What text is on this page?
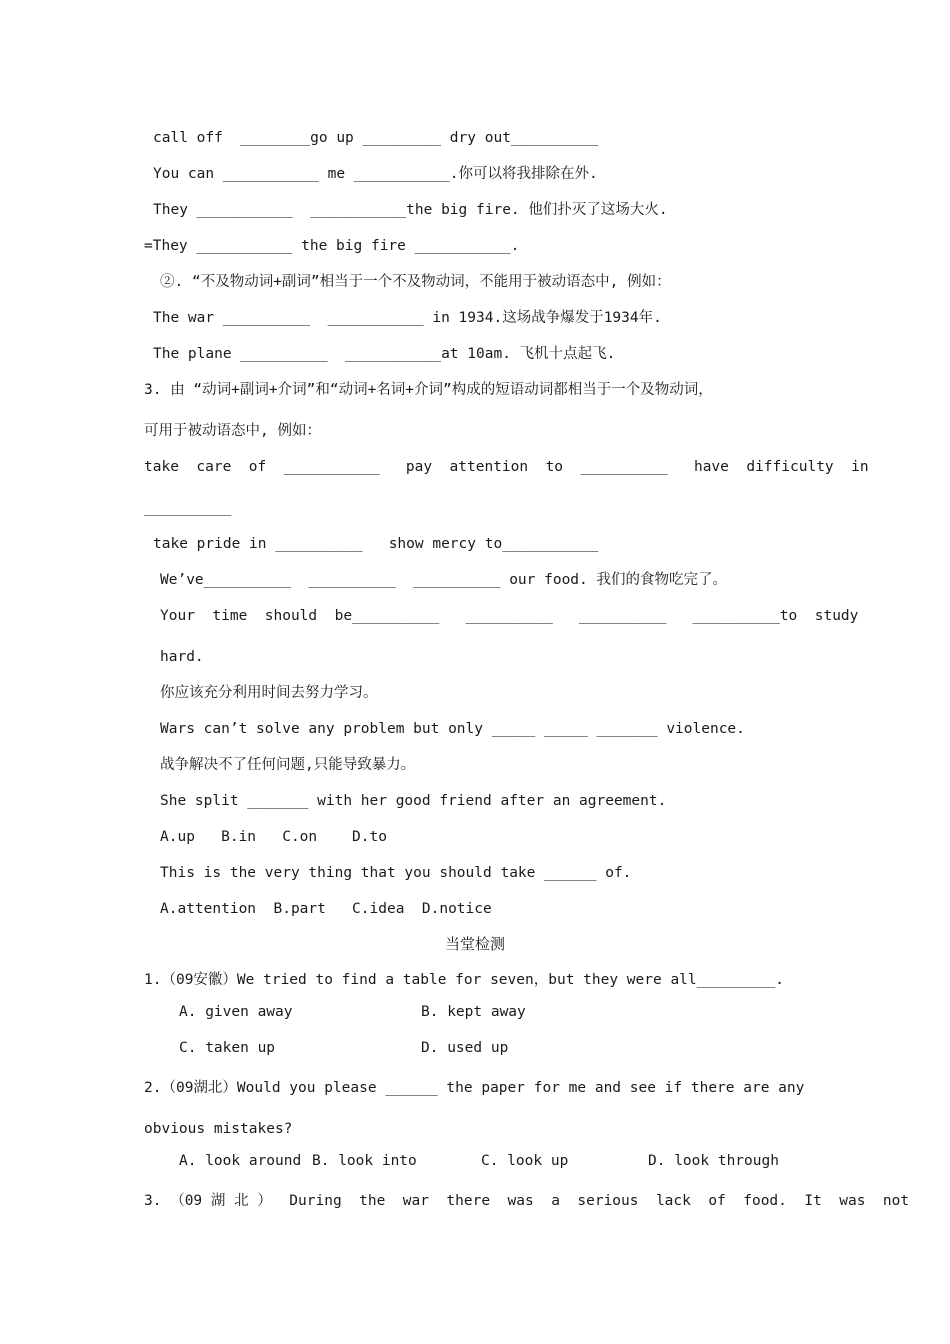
call off  ________go up _________ dry out__________
You can ___________ me ___________.你可以将我排除在外.
They ___________  ___________the big fire. 他们扑灭了这场大火.
=They ___________ the big fire ___________.
②. “不及物动词+副词”相当于一个不及物动词，不能用于被动语态中, 例如：
The war __________  ___________ in 1934.这场战争爆发于1934年.
The plane __________  ___________at 10am. 飞机十点起飞.
3. 由 “动词+副词+介词”和“动词+名词+介词”构成的短语动词都相当于一个及物动词，
可用于被动语态中, 例如：
take  care  of  ___________   pay  attention  to  __________   have  difficulty  in
__________
take pride in __________   show mercy to___________
We’ve__________  __________  __________ our food. 我们的食物吃完了。
Your  time  should  be__________   __________   __________   __________to  study
hard.
你应该充分利用时间去努力学习。
Wars can’t solve any problem but only _____ _____ _______ violence.
战争解决不了任何问题,只能导致暴力。
She split _______ with her good friend after an agreement.
A.up   B.in   C.on    D.to
This is the very thing that you should take ______ of.
A.attention  B.part   C.idea  D.notice
当堂检测
1.（09安徽）We tried to find a table for seven，but they were all_________.
A. given away	B. kept away
C. taken up	D. used up
2.（09湖北）Would you please ______ the paper for me and see if there are any
obvious mistakes?
A. look around B. look into	C. look up	D. look through
3. （09 湖 北 ）  During  the  war  there  was  a  serious  lack  of  food.  It  was  not
